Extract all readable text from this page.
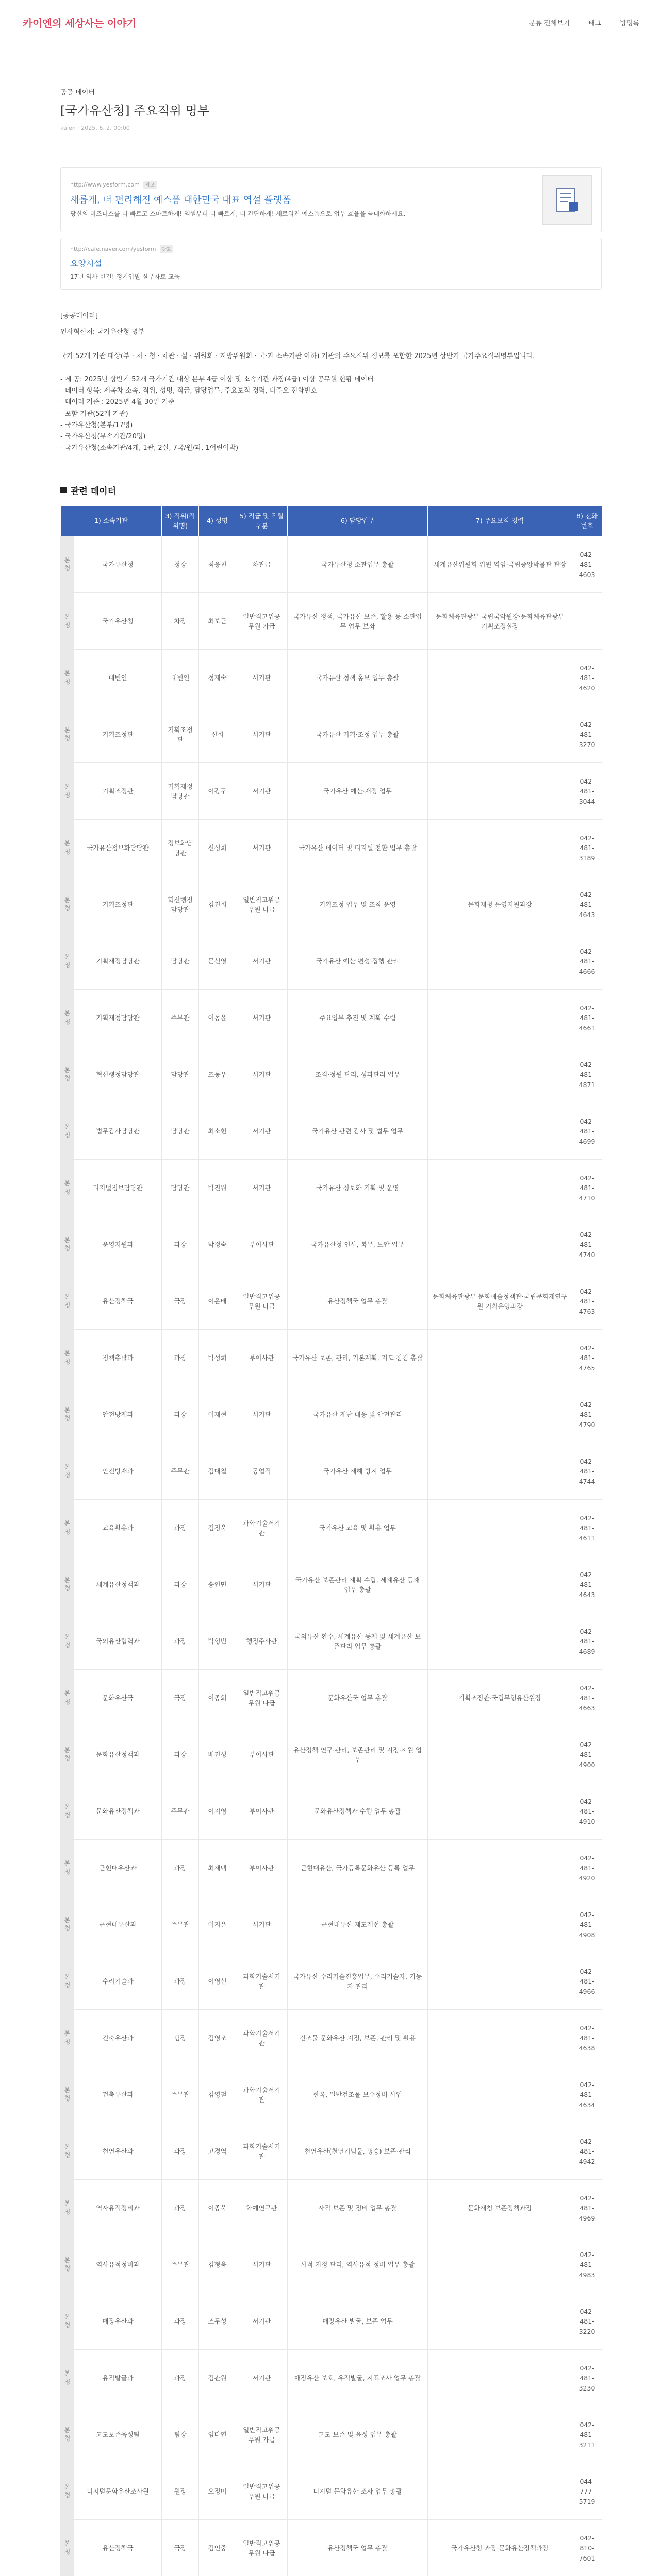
카이엔의 세상사는 이야기	분류 전체보기	태그	방명록
공공 데이터
[국가유산청] 주요직위 명부
kaien · 2025. 6. 2. 00:00
http://www.yesform.com 광고
새롭게, 더 편리해진 예스폼 대한민국 대표 역설 플랫폼
당신의 비즈니스를 더 빠르고 스마트하게! 엑셀부터 더 빠르게, 더 간단하게! 새로워진 예스폼으로 업무 효율을 극대화하세요.
http://cafe.naver.com/yesform 광고
요양시설
17년 역사 한결! 정기입원 실무자료 교육

[공공데이터]

인사혁신처: 국가유산청 명부

국가 52개 기관 대상(부 · 처 · 청 · 차관 · 실 · 위원회 · 지방위원회 · 국·과 소속기관 이하) 기관의 주요직위 정보를 포함한 2025년 상반기 국가주요직위명부입니다.

- 제 공: 2025년 상반기 52개 국가기관 대상 본부 4급 이상 및 소속기관 과장(4급) 이상 공무원 현황 데이터

- 데이터 항목: 제목차 소속, 직위, 성명, 직급, 담당업무, 주요보직 경력, 비주요 전화번호

- 데이터 기준 : 2025년 4월 30일 기준

- 포함 기관(52개 기관)

- 국가유산청(본부/17명)

- 국가유산청(부속기관/20명)

- 국가유산청(소속기관/4개, 1관, 2실, 7국/원/과, 1어린이박)

관련 데이터
1) 소속기관		3) 직위(직위명)	4) 성명	5) 직급 및 직렬구분	6) 담당업무	7) 주요보직 경력	8) 전화번호
본청	국가유산청	청장	최응천	차관급	국가유산청 소관업무 총괄	세계유산위원회 위원 역임·국립중앙박물관 관장	042-481-4603
본청	국가유산청	차장	최보근	일반직고위공무원 가급	국가유산 정책, 국가유산 보존, 활용 등 소관업무 업무 보좌	문화체육관광부 국립국악원장·문화체육관광부 기획조정실장	
본청	대변인	대변인	정재숙	서기관	국가유산 정책 홍보 업무 총괄		042-481-4620
본청	기획조정관	기획조정관	신희	서기관	국가유산 기획·조정 업무 총괄		042-481-3270
본청	기획조정관	기획재정담당관	이광구	서기관	국가유산 예산·재정 업무		042-481-3044
본청	국가유산정보화담당관	정보화담당관	신성희	서기관	국가유산 데이터 및 디지털 전환 업무 총괄		042-481-3189
본청	기획조정관	혁신행정담당관	김진희	일반직고위공무원 나급	기획조정 업무 및 조직 운영	문화재청 운영지원과장	042-481-4643
본청	기획재정담당관	담당관	문선영	서기관	국가유산 예산 편성·집행 관리		042-481-4666
본청	기획재정담당관	주무관	이동윤	서기관	주요업무 추진 및 계획 수립		042-481-4661
본청	혁신행정담당관	담당관	조동우	서기관	조직·정원 관리, 성과관리 업무		042-481-4871
본청	법무감사담당관	담당관	최소현	서기관	국가유산 관련 감사 및 법무 업무		042-481-4699
본청	디지털정보담당관	담당관	박진원	서기관	국가유산 정보화 기획 및 운영		042-481-4710
본청	운영지원과	과장	박정숙	부이사관	국가유산청 인사, 복무, 보안 업무		042-481-4740
본청	유산정책국	국장	이은배	일반직고위공무원 나급	유산정책국 업무 총괄	문화체육관광부 문화예술정책관·국립문화재연구원 기획운영과장	042-481-4763
본청	정책총괄과	과장	박성희	부이사관	국가유산 보존, 관리, 기본계획, 지도 점검 총괄		042-481-4765
본청	안전방재과	과장	이재현	서기관	국가유산 재난 대응 및 안전관리		042-481-4790
본청	안전방재과	주무관	김대철	공업직	국가유산 재해 방지 업무		042-481-4744
본청	교육활용과	과장	김정욱	과학기술서기관	국가유산 교육 및 활용 업무		042-481-4611
본청	세계유산정책과	과장	송인민	서기관	국가유산 보존관리 계획 수립, 세계유산 등재 업무 총괄		042-481-4643
본청	국외유산협력과	과장	박형빈	행정주사관	국외유산 환수, 세계유산 등재 및 세계유산 보존관리 업무 총괄		042-481-4689
본청	문화유산국	국장	이종회	일반직고위공무원 나급	문화유산국 업무 총괄	기획조정관·국립무형유산원장	042-481-4663
본청	문화유산정책과	과장	배진성	부이사관	유산정책 연구·관리, 보존관리 및 지정·지원 업무		042-481-4900
본청	문화유산정책과	주무관	이지영	부이사관	문화유산정책과 수행 업무 총괄		042-481-4910
본청	근현대유산과	과장	최재택	부이사관	근현대유산, 국가등록문화유산 등록 업무		042-481-4920
본청	근현대유산과	주무관	이지은	서기관	근현대유산 제도개선 총괄		042-481-4908
본청	수리기술과	과장	이영선	과학기술서기관	국가유산 수리기술진흥업무, 수리기술자, 기능자 관리		042-481-4966
본청	건축유산과	팀장	김영조	과학기술서기관	건조물 문화유산 지정, 보존, 관리 및 활용		042-481-4638
본청	건축유산과	주무관	김영철	과학기술서기관	한옥, 일반건조물 보수정비 사업		042-481-4634
본청	천연유산과	과장	고경역	과학기술서기관	천연유산(천연기념물, 명승) 보존·관리		042-481-4942
본청	역사유적정비과	과장	이종욱	학예연구관	사적 보존 및 정비 업무 총괄	문화재청 보존정책과장	042-481-4969
본청	역사유적정비과	주무관	김형욱	서기관	사적 지정 관리, 역사유적 정비 업무 총괄		042-481-4983
본청	매장유산과	과장	조두성	서기관	매장유산 발굴, 보존 업무		042-481-3220
본청	유적발굴과	과장	김관원	서기관	매장유산 보호, 유적발굴, 지표조사 업무 총괄		042-481-3230
본청	고도보존육성팀	팀장	임다연	일반직고위공무원 가급	고도 보존 및 육성 업무 총괄		042-481-3211
본청	디지털문화유산조사원	원장	오정미	일반직고위공무원 나급	디지털 문화유산 조사 업무 총괄		044-777-5719
본청	유산정책국	국장	김인중	일반직고위공무원 나급	유산정책국 업무 총괄	국가유산청 과장·문화유산정책과장	042-810-7601
